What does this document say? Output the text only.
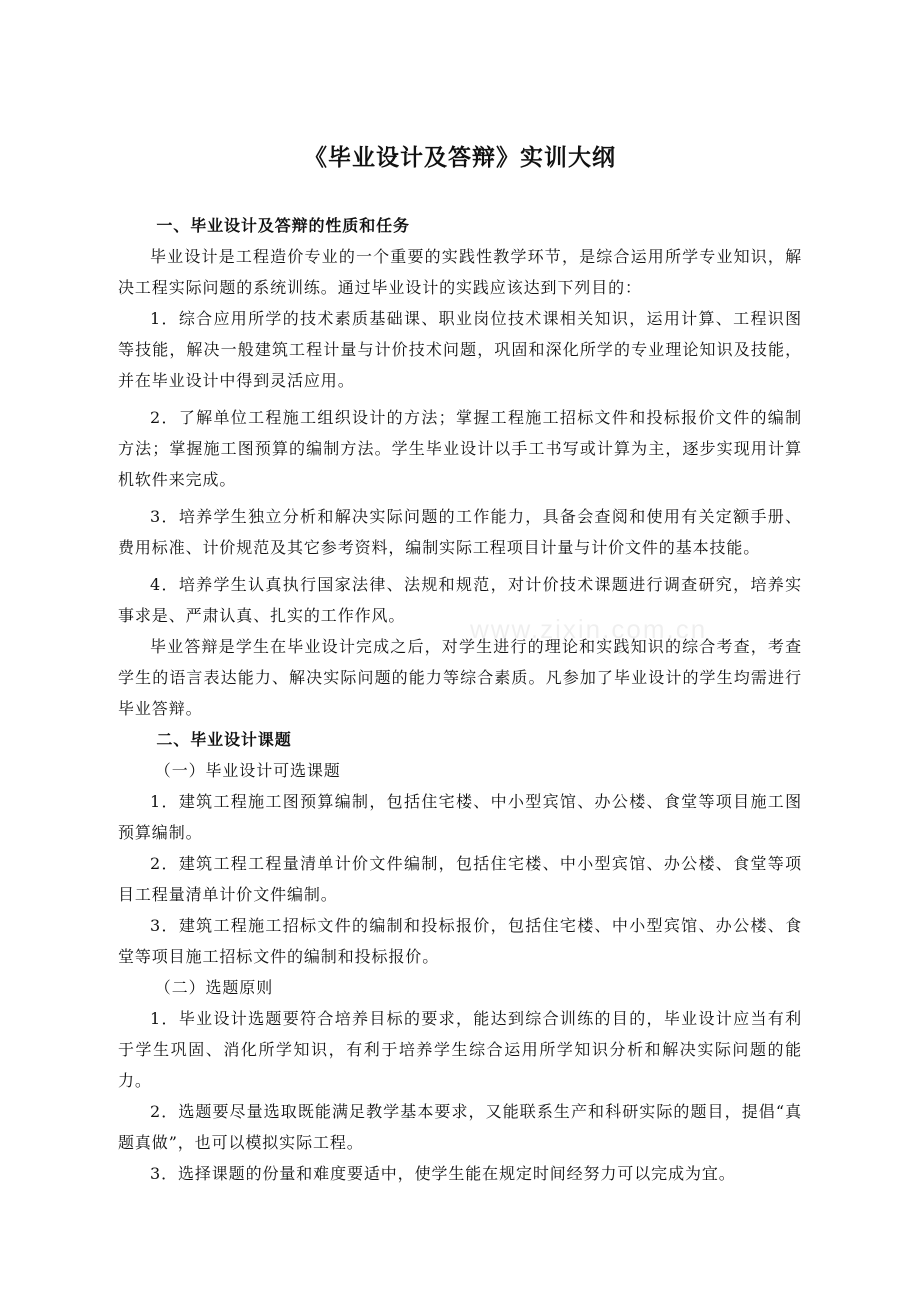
《毕业设计及答辩》实训大纲

一、毕业设计及答辩的性质和任务

毕业设计是工程造价专业的一个重要的实践性教学环节，是综合运用所学专业知识，解决工程实际问题的系统训练。通过毕业设计的实践应该达到下列目的：

1．综合应用所学的技术素质基础课、职业岗位技术课相关知识，运用计算、工程识图等技能，解决一般建筑工程计量与计价技术问题，巩固和深化所学的专业理论知识及技能，并在毕业设计中得到灵活应用。

2．了解单位工程施工组织设计的方法；掌握工程施工招标文件和投标报价文件的编制方法；掌握施工图预算的编制方法。学生毕业设计以手工书写或计算为主，逐步实现用计算机软件来完成。

3．培养学生独立分析和解决实际问题的工作能力，具备会查阅和使用有关定额手册、费用标准、计价规范及其它参考资料，编制实际工程项目计量与计价文件的基本技能。

4．培养学生认真执行国家法律、法规和规范，对计价技术课题进行调查研究，培养实事求是、严肃认真、扎实的工作作风。

毕业答辩是学生在毕业设计完成之后，对学生进行的理论和实践知识的综合考查，考查学生的语言表达能力、解决实际问题的能力等综合素质。凡参加了毕业设计的学生均需进行毕业答辩。

二、毕业设计课题

（一）毕业设计可选课题

1．建筑工程施工图预算编制，包括住宅楼、中小型宾馆、办公楼、食堂等项目施工图预算编制。

2．建筑工程工程量清单计价文件编制，包括住宅楼、中小型宾馆、办公楼、食堂等项目工程量清单计价文件编制。

3．建筑工程施工招标文件的编制和投标报价，包括住宅楼、中小型宾馆、办公楼、食堂等项目施工招标文件的编制和投标报价。

（二）选题原则

1．毕业设计选题要符合培养目标的要求，能达到综合训练的目的，毕业设计应当有利于学生巩固、消化所学知识，有利于培养学生综合运用所学知识分析和解决实际问题的能力。

2．选题要尽量选取既能满足教学基本要求，又能联系生产和科研实际的题目，提倡“真题真做”，也可以模拟实际工程。

3．选择课题的份量和难度要适中，使学生能在规定时间经努力可以完成为宜。

www.zixin.com.cn
